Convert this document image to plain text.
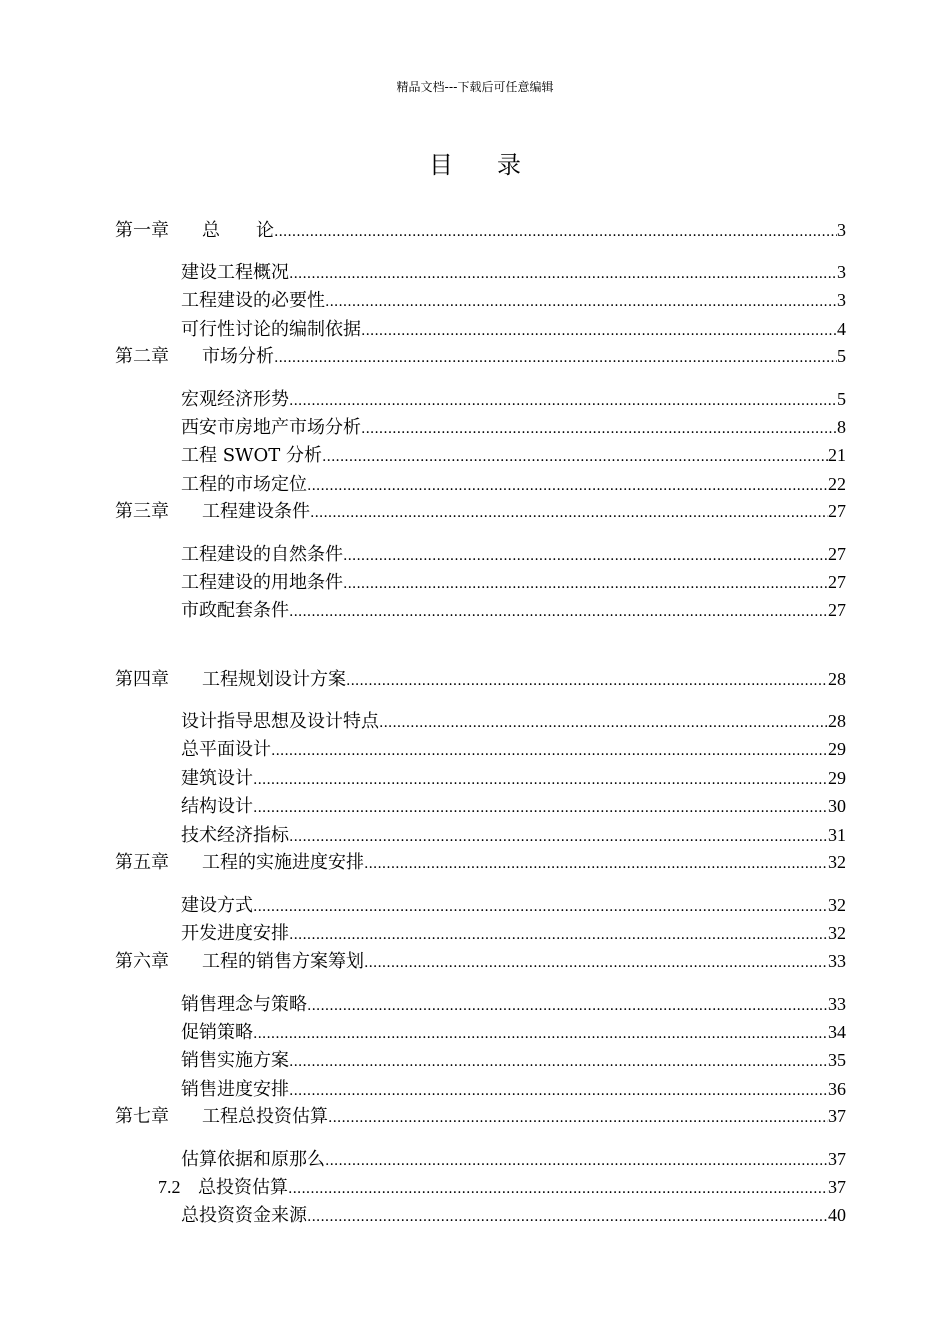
精品文档---下载后可任意编辑
目录
第一章	总　　论 .....	3
建设工程概况 .....	3
工程建设的必要性 .....	3
可行性讨论的编制依据 .....	4
第二章	市场分析 .....	5
宏观经济形势 .....	5
西安市房地产市场分析 .....	8
工程 SWOT 分析 .....	21
工程的市场定位 .....	22
第三章	工程建设条件 .....	27
工程建设的自然条件 .....	27
工程建设的用地条件 .....	27
市政配套条件 .....	27
第四章	工程规划设计方案 .....	28
设计指导思想及设计特点 .....	28
总平面设计 .....	29
建筑设计 .....	29
结构设计 .....	30
技术经济指标 .....	31
第五章	工程的实施进度安排 .....	32
建设方式 .....	32
开发进度安排 .....	32
第六章	工程的销售方案筹划 .....	33
销售理念与策略 .....	33
促销策略 .....	34
销售实施方案 .....	35
销售进度安排 .....	36
第七章	工程总投资估算 .....	37
估算依据和原那么 .....	37
7.2 总投资估算 .....	37
总投资资金来源 .....	40
